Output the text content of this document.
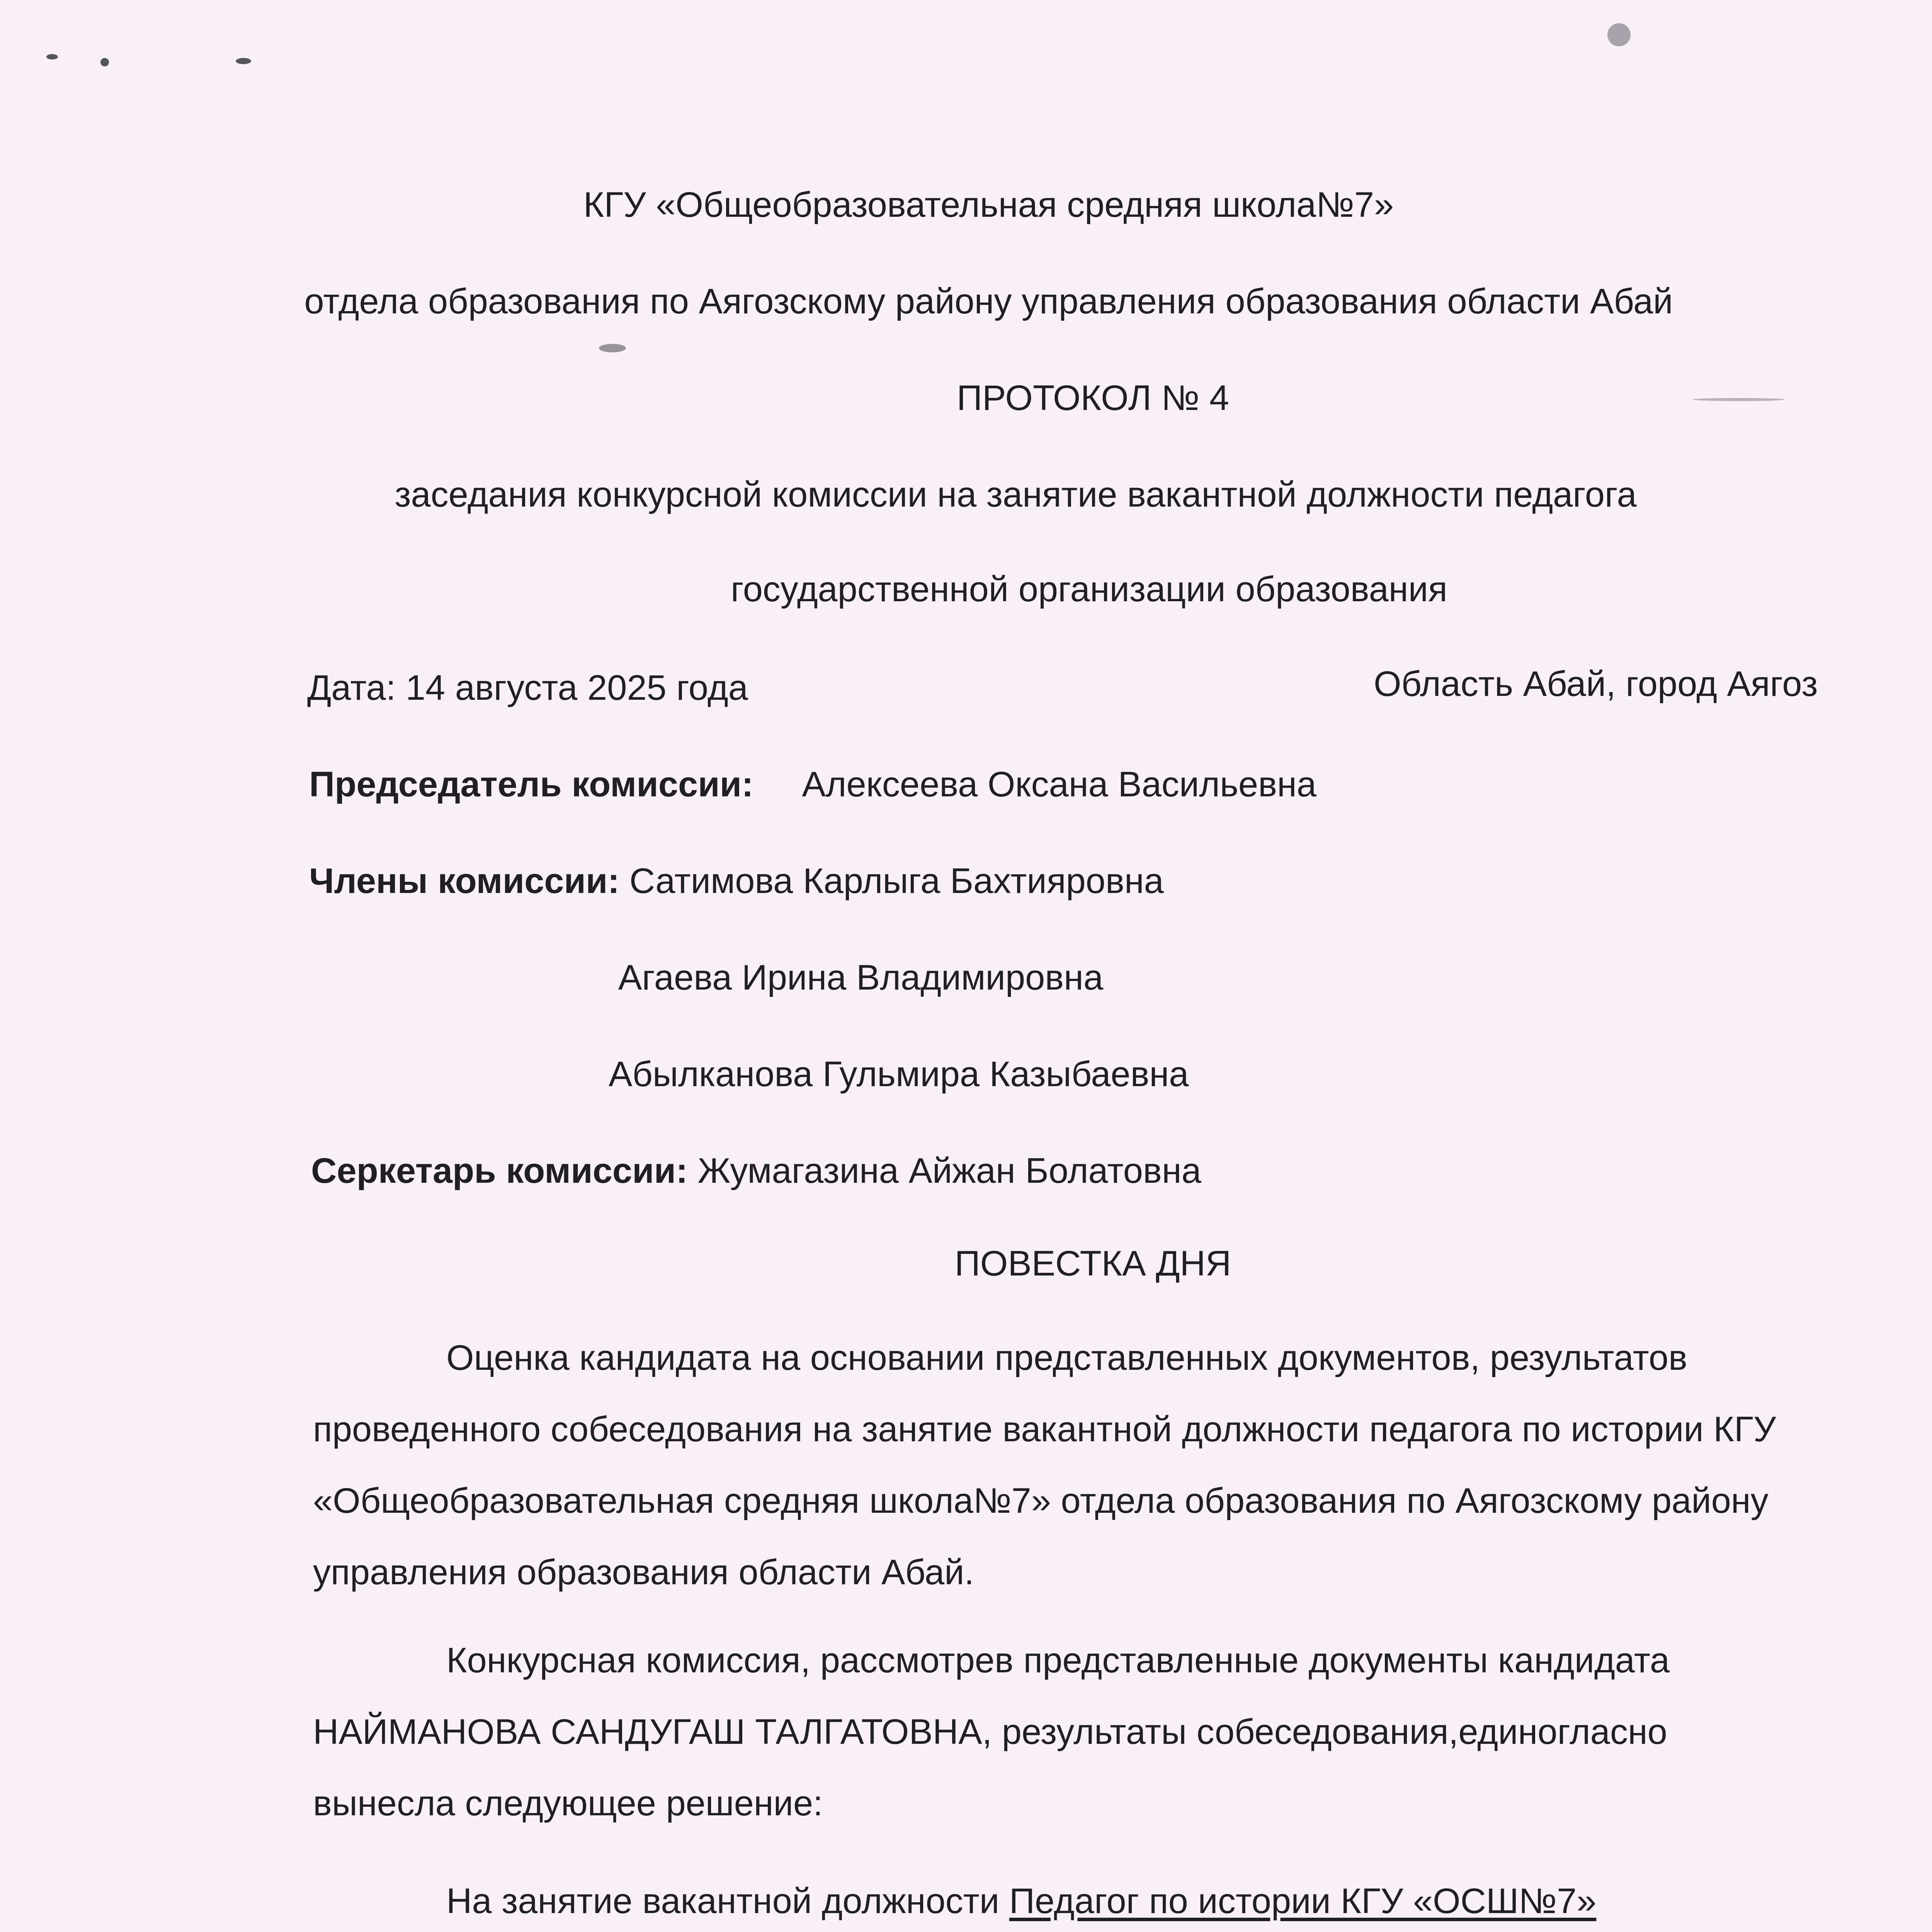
КГУ «Общеобразовательная средняя школа№7»

отдела образования по Аягозскому району управления образования области Абай

ПРОТОКОЛ № 4

заседания конкурсной комиссии на занятие вакантной должности педагога

государственной организации образования

Дата: 14 августа 2025 года	Область Абай, город Аягоз

Председатель комиссии: Алексеева Оксана Васильевна

Члены комиссии: Сатимова Карлыга Бахтияровна

Агаева Ирина Владимировна

Абылканова Гульмира Казыбаевна

Серкетарь комиссии: Жумагазина Айжан Болатовна

ПОВЕСТКА ДНЯ

Оценка кандидата на основании представленных документов, результатов проведенного собеседования на занятие вакантной должности педагога по истории КГУ «Общеобразовательная средняя школа№7» отдела образования по Аягозскому району управления образования области Абай.

Конкурсная комиссия, рассмотрев представленные документы кандидата НАЙМАНОВА САНДУГАШ ТАЛГАТОВНА, результаты собеседования,единогласно вынесла следующее решение:

На занятие вакантной должности Педагог по истории КГУ «ОСШ№7»
